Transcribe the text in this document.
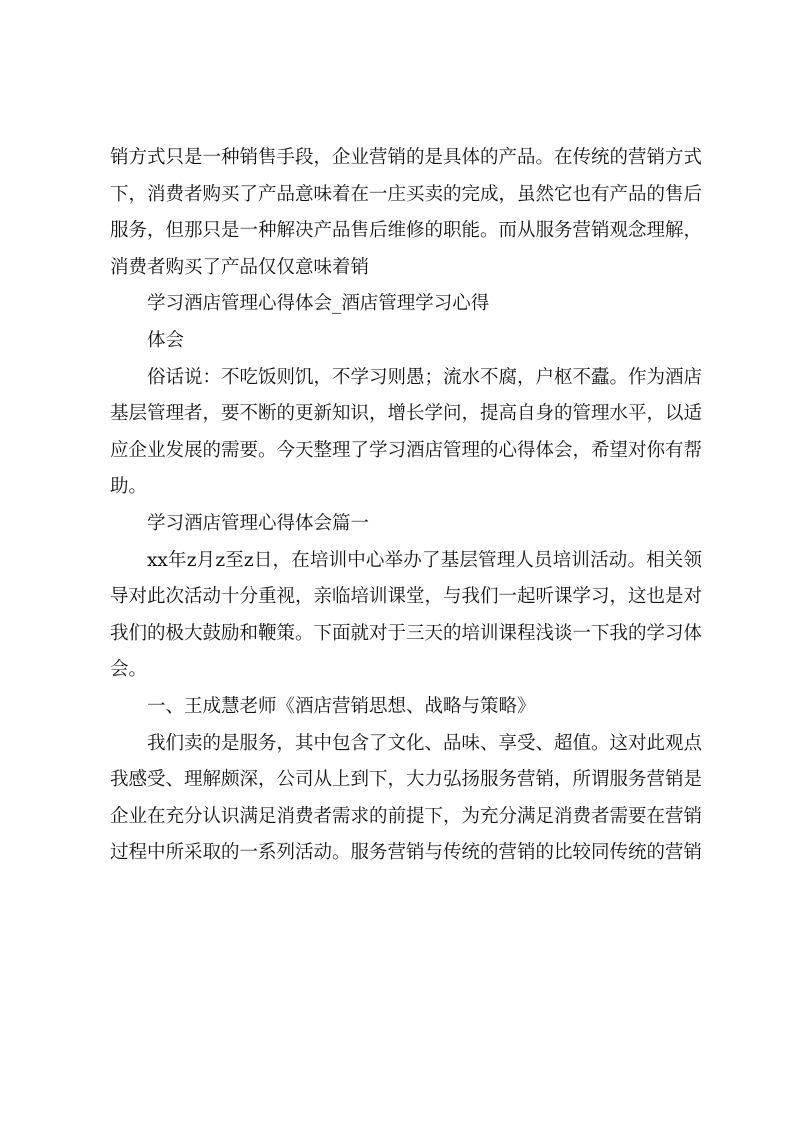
销方式只是一种销售手段，企业营销的是具体的产品。在传统的营销方式下，消费者购买了产品意味着在一庄买卖的完成，虽然它也有产品的售后服务，但那只是一种解决产品售后维修的职能。而从服务营销观念理解，消费者购买了产品仅仅意味着销

学习酒店管理心得体会_酒店管理学习心得

体会

俗话说：不吃饭则饥，不学习则愚；流水不腐，户枢不蠹。作为酒店基层管理者，要不断的更新知识，增长学问，提高自身的管理水平，以适应企业发展的需要。今天整理了学习酒店管理的心得体会，希望对你有帮助。

学习酒店管理心得体会篇一

xx年z月z至z日，在培训中心举办了基层管理人员培训活动。相关领导对此次活动十分重视，亲临培训课堂，与我们一起听课学习，这也是对我们的极大鼓励和鞭策。下面就对于三天的培训课程浅谈一下我的学习体会。

一、王成慧老师《酒店营销思想、战略与策略》

我们卖的是服务，其中包含了文化、品味、享受、超值。这对此观点我感受、理解颇深，公司从上到下，大力弘扬服务营销，所谓服务营销是企业在充分认识满足消费者需求的前提下，为充分满足消费者需要在营销过程中所采取的一系列活动。服务营销与传统的营销的比较同传统的营销
